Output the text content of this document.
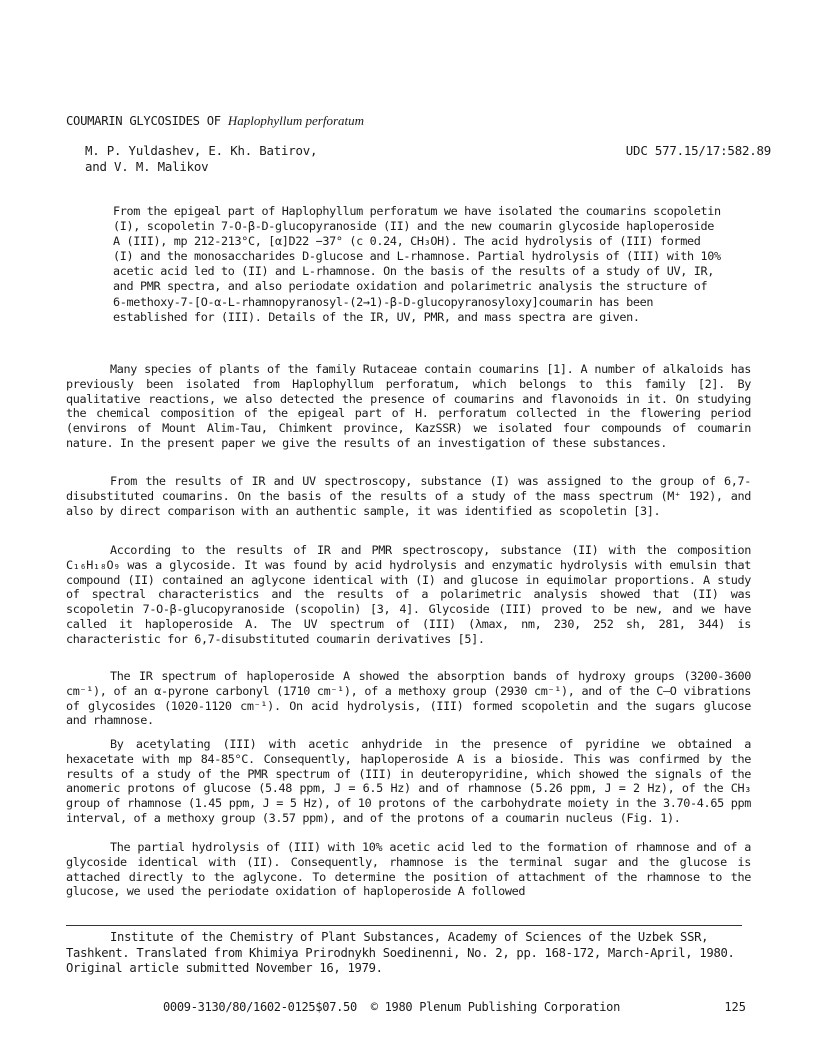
COUMARIN GLYCOSIDES OF Haplophyllum perforatum
M. P. Yuldashev, E. Kh. Batirov,
and V. M. Malikov
UDC 577.15/17:582.89
From the epigeal part of Haplophyllum perforatum we have isolated the coumarins scopoletin (I), scopoletin 7-O-β-D-glucopyranoside (II) and the new coumarin glycoside haploperoside A (III), mp 212-213°C, [α]D22 −37° (c 0.24, CH₃OH). The acid hydrolysis of (III) formed (I) and the monosaccharides D-glucose and L-rhamnose. Partial hydrolysis of (III) with 10% acetic acid led to (II) and L-rhamnose. On the basis of the results of a study of UV, IR, and PMR spectra, and also periodate oxidation and polarimetric analysis the structure of 6-methoxy-7-[O-α-L-rhamnopyranosyl-(2→1)-β-D-glucopyranosyloxy]coumarin has been established for (III). Details of the IR, UV, PMR, and mass spectra are given.

Many species of plants of the family Rutaceae contain coumarins [1]. A number of alkaloids has previously been isolated from Haplophyllum perforatum, which belongs to this family [2]. By qualitative reactions, we also detected the presence of coumarins and flavonoids in it. On studying the chemical composition of the epigeal part of H. perforatum collected in the flowering period (environs of Mount Alim-Tau, Chimkent province, KazSSR) we isolated four compounds of coumarin nature. In the present paper we give the results of an investigation of these substances.

From the results of IR and UV spectroscopy, substance (I) was assigned to the group of 6,7-disubstituted coumarins. On the basis of the results of a study of the mass spectrum (M⁺ 192), and also by direct comparison with an authentic sample, it was identified as scopoletin [3].

According to the results of IR and PMR spectroscopy, substance (II) with the composition C₁₆H₁₈O₉ was a glycoside. It was found by acid hydrolysis and enzymatic hydrolysis with emulsin that compound (II) contained an aglycone identical with (I) and glucose in equimolar proportions. A study of spectral characteristics and the results of a polarimetric analysis showed that (II) was scopoletin 7-O-β-glucopyranoside (scopolin) [3, 4]. Glycoside (III) proved to be new, and we have called it haploperoside A. The UV spectrum of (III) (λmax, nm, 230, 252 sh, 281, 344) is characteristic for 6,7-disubstituted coumarin derivatives [5].

The IR spectrum of haploperoside A showed the absorption bands of hydroxy groups (3200-3600 cm⁻¹), of an α-pyrone carbonyl (1710 cm⁻¹), of a methoxy group (2930 cm⁻¹), and of the C—O vibrations of glycosides (1020-1120 cm⁻¹). On acid hydrolysis, (III) formed scopoletin and the sugars glucose and rhamnose.

By acetylating (III) with acetic anhydride in the presence of pyridine we obtained a hexacetate with mp 84-85°C. Consequently, haploperoside A is a bioside. This was confirmed by the results of a study of the PMR spectrum of (III) in deuteropyridine, which showed the signals of the anomeric protons of glucose (5.48 ppm, J = 6.5 Hz) and of rhamnose (5.26 ppm, J = 2 Hz), of the CH₃ group of rhamnose (1.45 ppm, J = 5 Hz), of 10 protons of the carbohydrate moiety in the 3.70-4.65 ppm interval, of a methoxy group (3.57 ppm), and of the protons of a coumarin nucleus (Fig. 1).

The partial hydrolysis of (III) with 10% acetic acid led to the formation of rhamnose and of a glycoside identical with (II). Consequently, rhamnose is the terminal sugar and the glucose is attached directly to the aglycone. To determine the position of attachment of the rhamnose to the glucose, we used the periodate oxidation of haploperoside A followed

Institute of the Chemistry of Plant Substances, Academy of Sciences of the Uzbek SSR, Tashkent. Translated from Khimiya Prirodnykh Soedinenni, No. 2, pp. 168-172, March-April, 1980. Original article submitted November 16, 1979.
0009-3130/80/1602-0125$07.50 © 1980 Plenum Publishing Corporation	125
